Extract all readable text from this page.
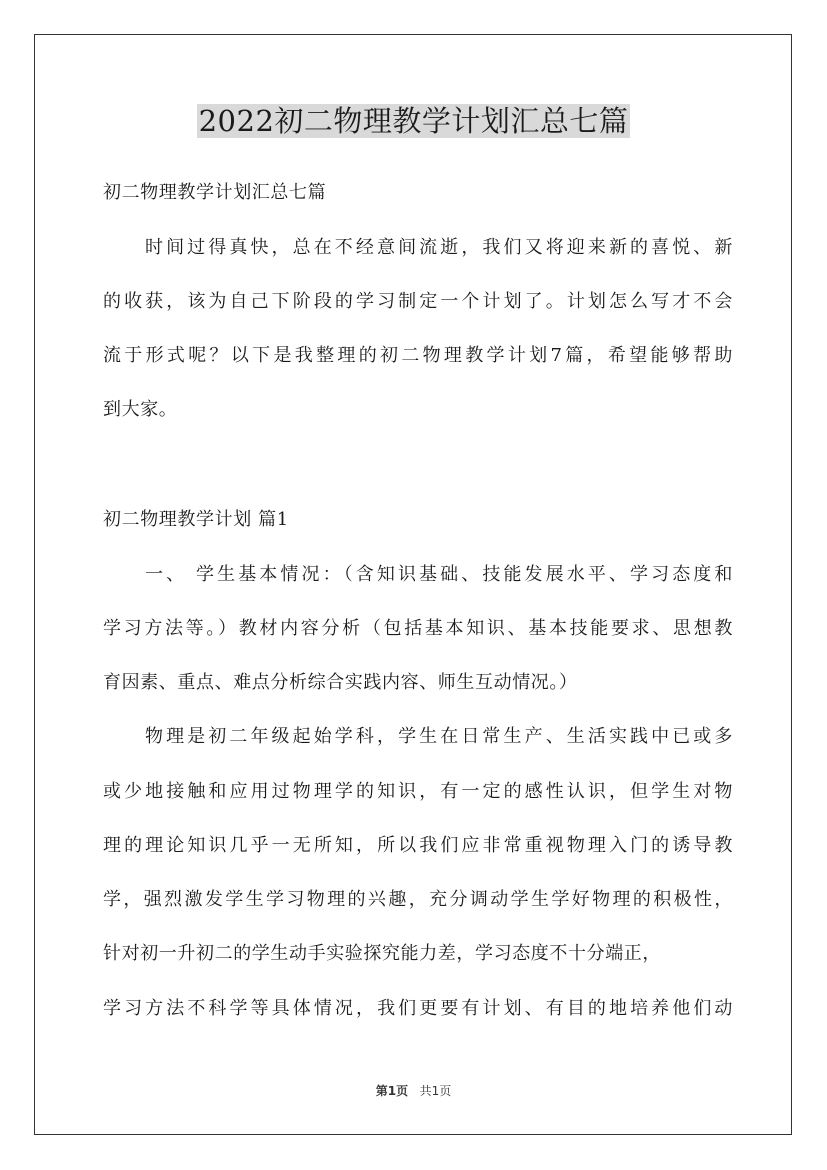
2022初二物理教学计划汇总七篇

初二物理教学计划汇总七篇

时间过得真快，总在不经意间流逝，我们又将迎来新的喜悦、新

的收获，该为自己下阶段的学习制定一个计划了。计划怎么写才不会

流于形式呢？以下是我整理的初二物理教学计划7篇，希望能够帮助

到大家。

初二物理教学计划 篇1

一、 学生基本情况：（含知识基础、技能发展水平、学习态度和

学习方法等。）教材内容分析（包括基本知识、基本技能要求、思想教

育因素、重点、难点分析综合实践内容、师生互动情况。）

物理是初二年级起始学科，学生在日常生产、生活实践中已或多

或少地接触和应用过物理学的知识，有一定的感性认识，但学生对物

理的理论知识几乎一无所知，所以我们应非常重视物理入门的诱导教

学，强烈激发学生学习物理的兴趣，充分调动学生学好物理的积极性，

针对初一升初二的学生动手实验探究能力差，学习态度不十分端正，

学习方法不科学等具体情况，我们更要有计划、有目的地培养他们动

第1页 共1页
